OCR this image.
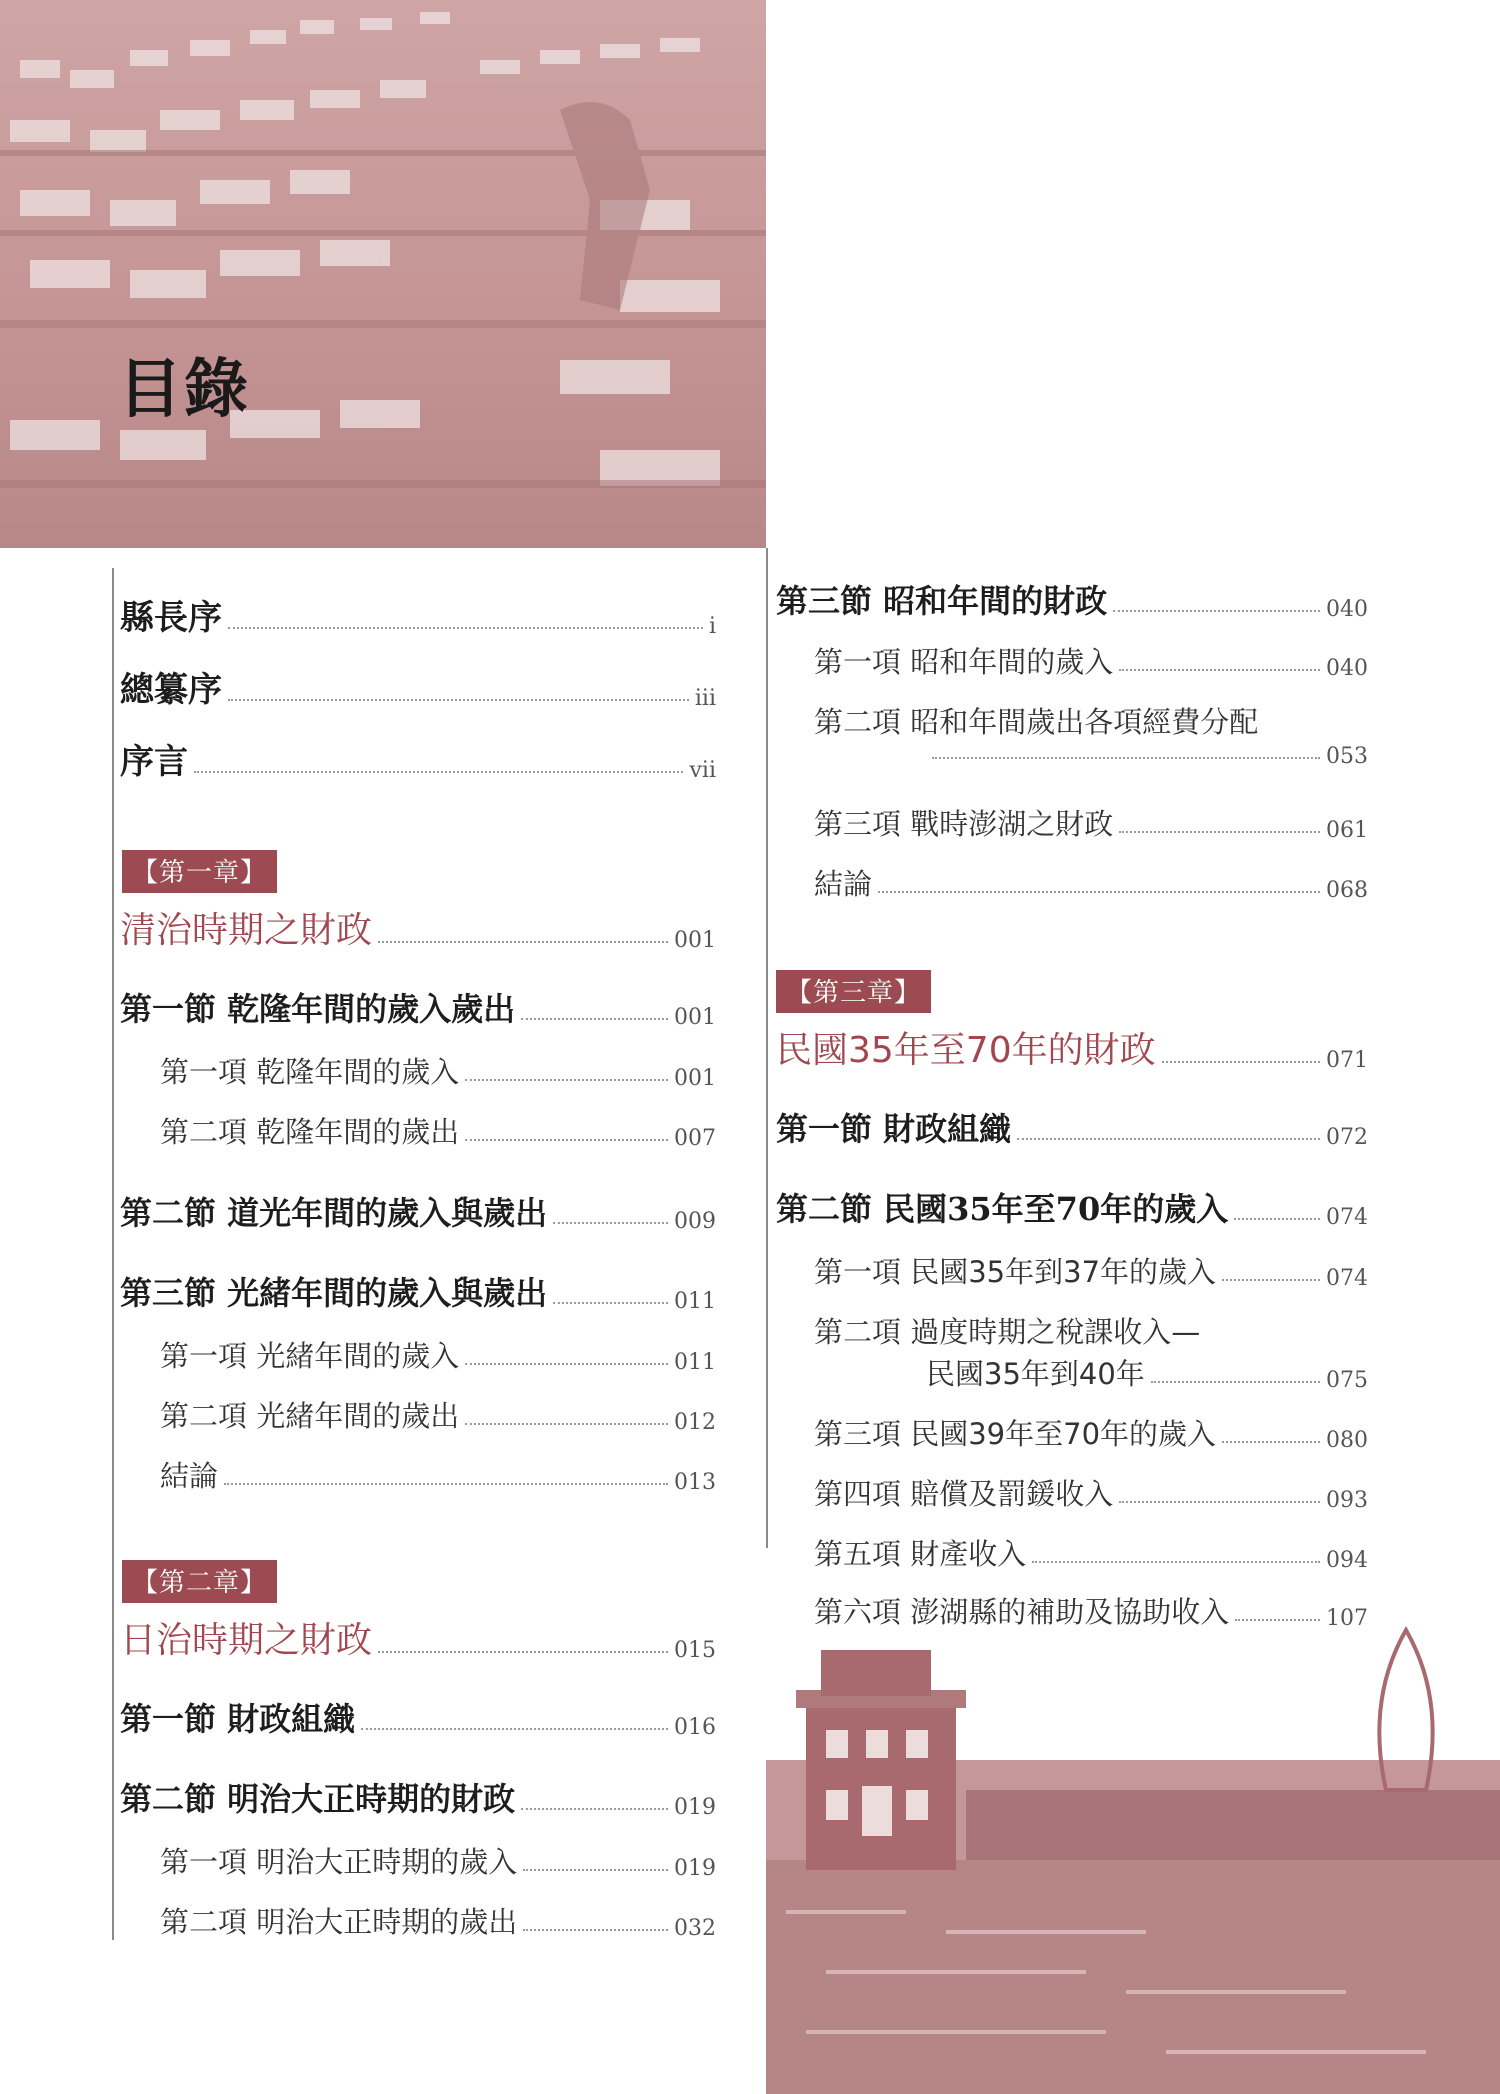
目錄
縣長序	i
總纂序	iii
序言	vii
【第一章】
清治時期之財政	001
第一節 乾隆年間的歲入歲出	001
第一項 乾隆年間的歲入	001
第二項 乾隆年間的歲出	007
第二節 道光年間的歲入與歲出	009
第三節 光緒年間的歲入與歲出	011
第一項 光緒年間的歲入	011
第二項 光緒年間的歲出	012
結論	013
【第二章】
日治時期之財政	015
第一節 財政組織	016
第二節 明治大正時期的財政	019
第一項 明治大正時期的歲入	019
第二項 明治大正時期的歲出	032
第三節 昭和年間的財政	040
第一項 昭和年間的歲入	040
第二項 昭和年間歲出各項經費分配
053
第三項 戰時澎湖之財政	061
結論	068
【第三章】
民國35年至70年的財政	071
第一節 財政組織	072
第二節 民國35年至70年的歲入	074
第一項 民國35年到37年的歲入	074
第二項 過度時期之稅課收入—
民國35年到40年	075
第三項 民國39年至70年的歲入	080
第四項 賠償及罰鍰收入	093
第五項 財產收入	094
第六項 澎湖縣的補助及協助收入	107
